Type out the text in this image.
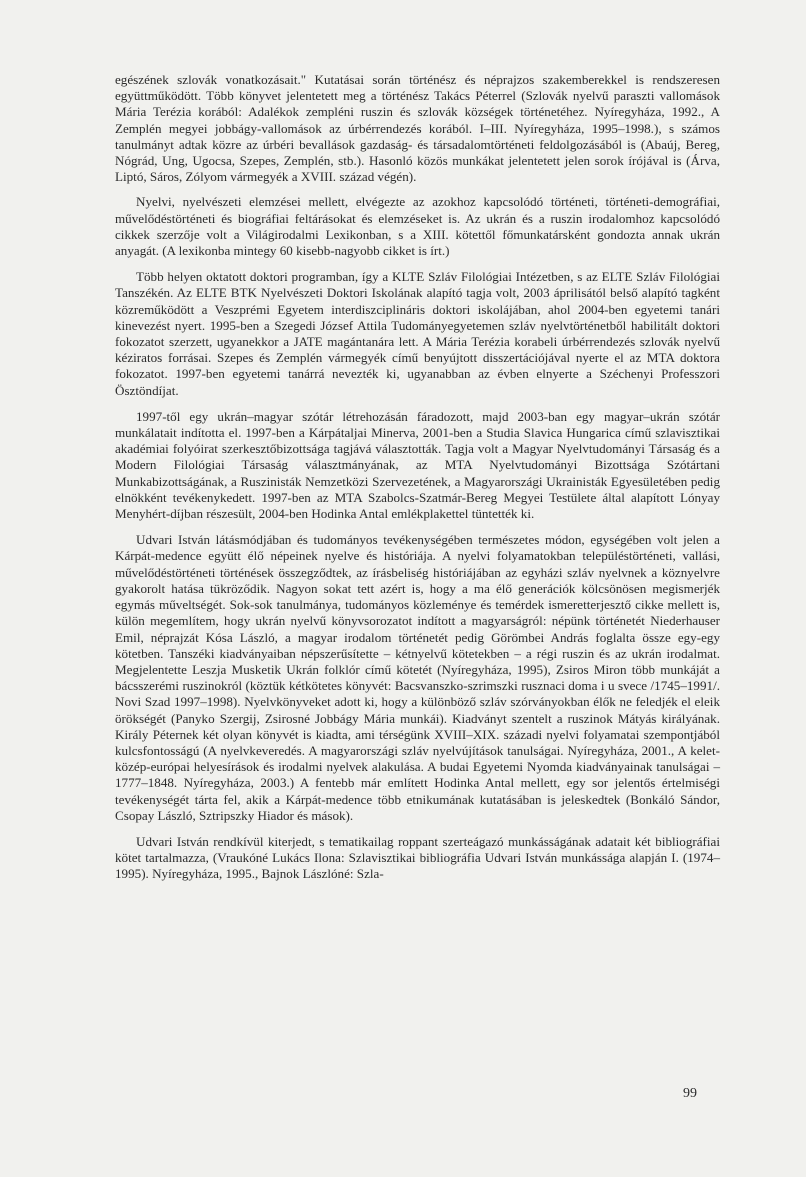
egészének szlovák vonatkozásait." Kutatásai során történész és néprajzos szakemberekkel is rendszeresen együttműködött. Több könyvet jelentetett meg a történész Takács Péterrel (Szlovák nyelvű paraszti vallomások Mária Terézia korából: Adalékok zempléni ruszin és szlovák községek történetéhez. Nyíregyháza, 1992., A Zemplén megyei jobbágy-vallomások az úrbérrendezés korából. I–III. Nyíregyháza, 1995–1998.), s számos tanulmányt adtak közre az úrbéri bevallások gazdaság- és társadalomtörténeti feldolgozásából is (Abaúj, Bereg, Nógrád, Ung, Ugocsa, Szepes, Zemplén, stb.). Hasonló közös munkákat jelentetett jelen sorok írójával is (Árva, Liptó, Sáros, Zólyom vármegyék a XVIII. század végén).

Nyelvi, nyelvészeti elemzései mellett, elvégezte az azokhoz kapcsolódó történeti, történeti-demográfiai, művelődéstörténeti és biográfiai feltárásokat és elemzéseket is. Az ukrán és a ruszin irodalomhoz kapcsolódó cikkek szerzője volt a Világirodalmi Lexikonban, s a XIII. kötettől főmunkatársként gondozta annak ukrán anyagát. (A lexikonba mintegy 60 kisebb-nagyobb cikket is írt.)

Több helyen oktatott doktori programban, így a KLTE Szláv Filológiai Intézetben, s az ELTE Szláv Filológiai Tanszékén. Az ELTE BTK Nyelvészeti Doktori Iskolának alapító tagja volt, 2003 áprilisától belső alapító tagként közreműködött a Veszprémi Egyetem interdiszciplináris doktori iskolájában, ahol 2004-ben egyetemi tanári kinevezést nyert. 1995-ben a Szegedi József Attila Tudományegyetemen szláv nyelvtörténetből habilitált doktori fokozatot szerzett, ugyanekkor a JATE magántanára lett. A Mária Terézia korabeli úrbérrendezés szlovák nyelvű kéziratos forrásai. Szepes és Zemplén vármegyék című benyújtott disszertációjával nyerte el az MTA doktora fokozatot. 1997-ben egyetemi tanárrá nevezték ki, ugyanabban az évben elnyerte a Széchenyi Professzori Ösztöndíjat.

1997-től egy ukrán–magyar szótár létrehozásán fáradozott, majd 2003-ban egy magyar–ukrán szótár munkálatait indította el. 1997-ben a Kárpátaljai Minerva, 2001-ben a Studia Slavica Hungarica című szlavisztikai akadémiai folyóirat szerkesztőbizottsága tagjává választották. Tagja volt a Magyar Nyelvtudományi Társaság és a Modern Filológiai Társaság választmányának, az MTA Nyelvtudományi Bizottsága Szótártani Munkabizottságának, a Ruszinisták Nemzetközi Szervezetének, a Magyarországi Ukrainisták Egyesületében pedig elnökként tevékenykedett. 1997-ben az MTA Szabolcs-Szatmár-Bereg Megyei Testülete által alapított Lónyay Menyhért-díjban részesült, 2004-ben Hodinka Antal emlékplakettel tüntették ki.

Udvari István látásmódjában és tudományos tevékenységében természetes módon, egységében volt jelen a Kárpát-medence együtt élő népeinek nyelve és históriája. A nyelvi folyamatokban településtörténeti, vallási, művelődéstörténeti történések összegződtek, az írásbeliség históriájában az egyházi szláv nyelvnek a köznyelvre gyakorolt hatása tükröződik. Nagyon sokat tett azért is, hogy a ma élő generációk kölcsönösen megismerjék egymás műveltségét. Sok-sok tanulmánya, tudományos közleménye és temérdek ismeretterjesztő cikke mellett is, külön megemlítem, hogy ukrán nyelvű könyvsorozatot indított a magyarságról: népünk történetét Niederhauser Emil, néprajzát Kósa László, a magyar irodalom történetét pedig Görömbei András foglalta össze egy-egy kötetben. Tanszéki kiadványaiban népszerűsítette – kétnyelvű kötetekben – a régi ruszin és az ukrán irodalmat. Megjelentette Leszja Musketik Ukrán folklór című kötetét (Nyíregyháza, 1995), Zsiros Miron több munkáját a bácsszerémi ruszinokról (köztük kétkötetes könyvét: Bacsvanszko-szrimszki rusznaci doma i u svece /1745–1991/. Novi Szad 1997–1998). Nyelvkönyveket adott ki, hogy a különböző szláv szórványokban élők ne feledjék el eleik örökségét (Panyko Szergij, Zsirosné Jobbágy Mária munkái). Kiadványt szentelt a ruszinok Mátyás királyának. Király Péternek két olyan könyvét is kiadta, ami térségünk XVIII–XIX. századi nyelvi folyamatai szempontjából kulcsfontosságú (A nyelvkeveredés. A magyarországi szláv nyelvújítások tanulságai. Nyíregyháza, 2001., A kelet-közép-európai helyesírások és irodalmi nyelvek alakulása. A budai Egyetemi Nyomda kiadványainak tanulságai – 1777–1848. Nyíregyháza, 2003.) A fentebb már említett Hodinka Antal mellett, egy sor jelentős értelmiségi tevékenységét tárta fel, akik a Kárpát-medence több etnikumának kutatásában is jeleskedtek (Bonkáló Sándor, Csopay László, Sztripszky Hiador és mások).

Udvari István rendkívül kiterjedt, s tematikailag roppant szerteágazó munkásságának adatait két bibliográfiai kötet tartalmazza, (Vraukóné Lukács Ilona: Szlavisztikai bibliográfia Udvari István munkássága alapján I. (1974–1995). Nyíregyháza, 1995., Bajnok Lászlóné: Szla-

99
